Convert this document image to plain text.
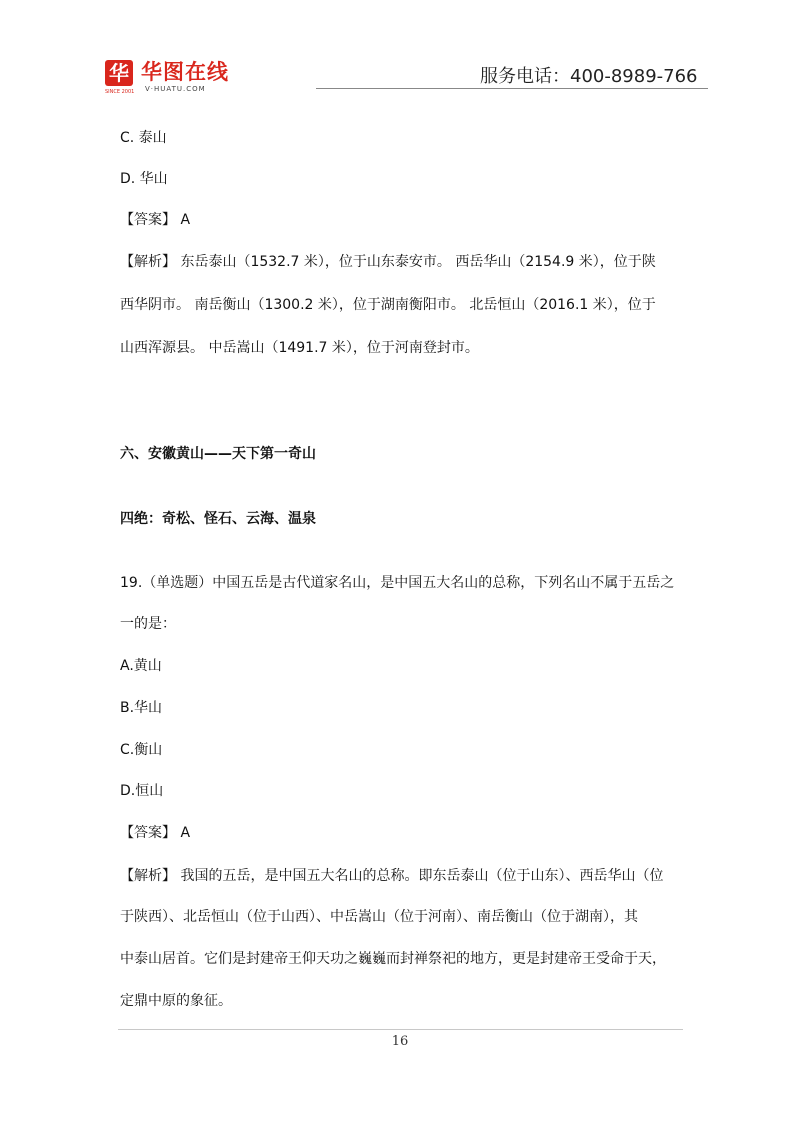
华 华图在线
V·HUATU.COM
SINCE 2001
服务电话：400-8989-766
C. 泰山
D. 华山
【答案】 A
【解析】 东岳泰山（1532.7 米），位于山东泰安市。 西岳华山（2154.9 米），位于陕
西华阴市。 南岳衡山（1300.2 米），位于湖南衡阳市。 北岳恒山（2016.1 米），位于
山西浑源县。 中岳嵩山（1491.7 米），位于河南登封市。
六、安徽黄山——天下第一奇山
四绝：奇松、怪石、云海、温泉
19.（单选题）中国五岳是古代道家名山，是中国五大名山的总称，下列名山不属于五岳之
一的是：
A.黄山
B.华山
C.衡山
D.恒山
【答案】 A
【解析】 我国的五岳，是中国五大名山的总称。即东岳泰山（位于山东）、西岳华山（位
于陕西）、北岳恒山（位于山西）、中岳嵩山（位于河南）、南岳衡山（位于湖南），其
中泰山居首。它们是封建帝王仰天功之巍巍而封禅祭祀的地方，更是封建帝王受命于天，
定鼎中原的象征。
16
